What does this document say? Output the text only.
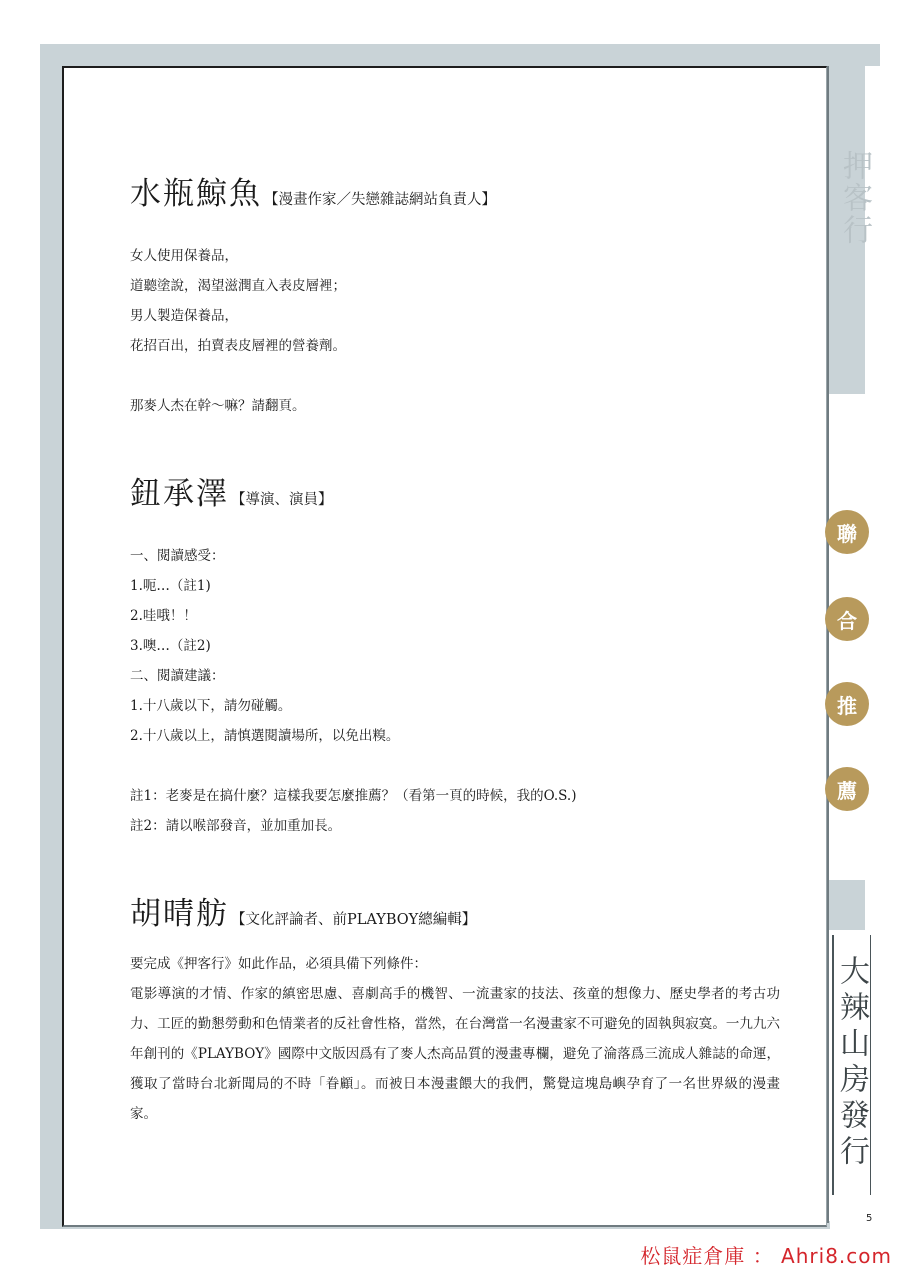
押客行
聯
合
推
薦
大辣山房發行
水瓶鯨魚 【漫畫作家／失戀雜誌網站負責人】
女人使用保養品，
道聽塗說，渴望滋潤直入表皮層裡；
男人製造保養品，
花招百出，拍賣表皮層裡的營養劑。
那麥人杰在幹〜嘛？請翻頁。
鈕承澤 【導演、演員】
一、閱讀感受：
1.呃…（註1)
2.哇哦！！
3.噢…（註2)
二、閱讀建議：
1.十八歲以下，請勿碰觸。
2.十八歲以上，請慎選閱讀場所，以免出糗。
註1：老麥是在搞什麼？這樣我要怎麼推薦？（看第一頁的時候，我的O.S.)
註2：請以喉部發音，並加重加長。
胡晴舫 【文化評論者、前PLAYBOY總編輯】
要完成《押客行》如此作品，必須具備下列條件：
電影導演的才情、作家的縝密思慮、喜劇高手的機智、一流畫家的技法、孩童的想像力、歷史學者的考古功力、工匠的勤懇勞動和色情業者的反社會性格，當然，在台灣當一名漫畫家不可避免的固執與寂寞。一九九六年創刊的《PLAYBOY》國際中文版因爲有了麥人杰高品質的漫畫專欄，避免了淪落爲三流成人雜誌的命運，獲取了當時台北新聞局的不時「眷顧」。而被日本漫畫餵大的我們，驚覺這塊島嶼孕育了一名世界級的漫畫家。
5
松鼠症倉庫 ： Ahri8.com
